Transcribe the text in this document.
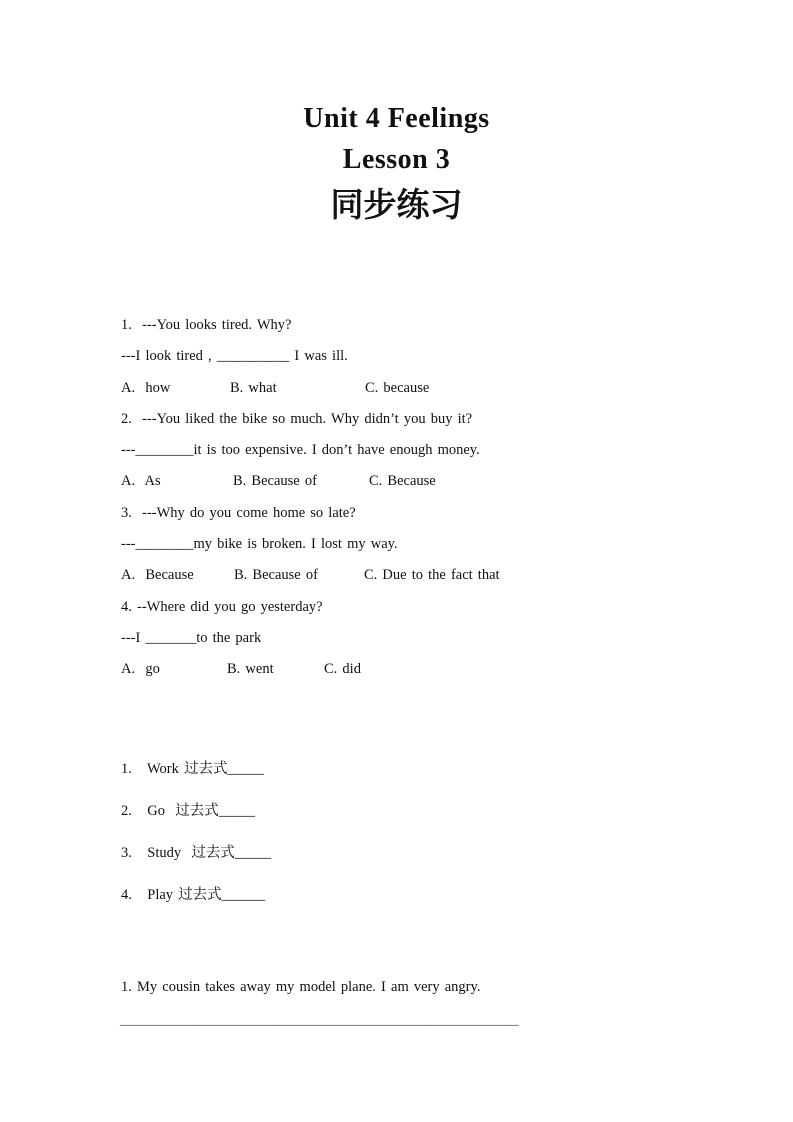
Unit 4 Feelings
Lesson 3
同步练习
1.  ---You looks tired. Why?
---I look tired , __________ I was ill.

A.  how

	B. what

	C. because

2.  ---You liked the bike so much. Why didn’t you buy it?
---________it is too expensive. I don’t have enough money.

A.  As

	B. Because of

	C. Because

3.  ---Why do you come home so late?
---________my bike is broken. I lost my way.

A.  Because

	B. Because of

	C. Due to the fact that

4. --Where did you go yesterday?
---I _______to the park

A.  go

	B. went

	C. did

1.   Work 过去式_____
2.   Go  过去式_____
3.   Study  过去式_____
4.   Play 过去式______
1. My cousin takes away my model plane. I am very angry.
_______________________________________________________
